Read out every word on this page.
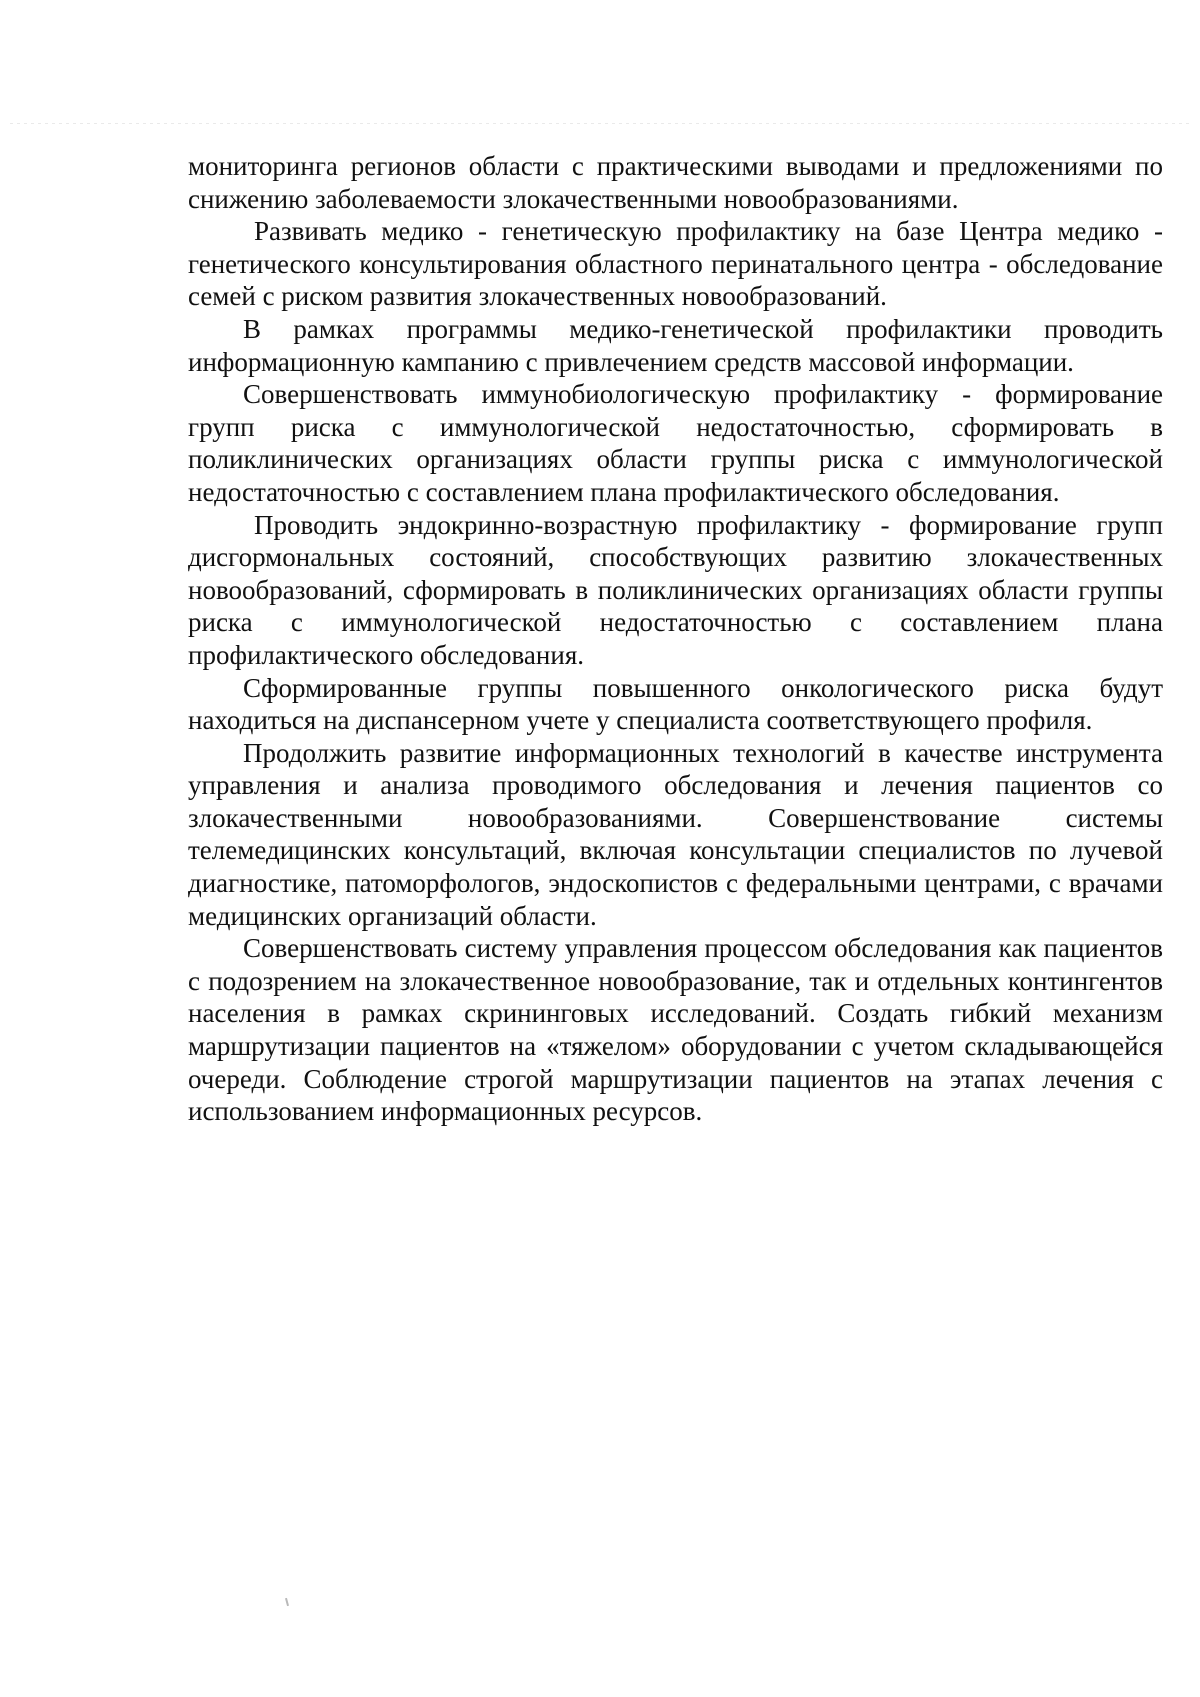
мониторинга регионов области с практическими выводами и предложениями по снижению заболеваемости злокачественными новообразованиями.

Развивать медико - генетическую профилактику на базе Центра медико - генетического консультирования областного перинатального центра - обследование семей с риском развития злокачественных новообразований.

В рамках программы медико-генетической профилактики проводить информационную кампанию с привлечением средств массовой информации.

Совершенствовать иммунобиологическую профилактику - формирование групп риска с иммунологической недостаточностью, сформировать в поликлинических организациях области группы риска с иммунологической недостаточностью с составлением плана профилактического обследования.

Проводить эндокринно-возрастную профилактику - формирование групп дисгормональных состояний, способствующих развитию злокачественных новообразований, сформировать в поликлинических организациях области группы риска с иммунологической недостаточностью с составлением плана профилактического обследования.

Сформированные группы повышенного онкологического риска будут находиться на диспансерном учете у специалиста соответствующего профиля.

Продолжить развитие информационных технологий в качестве инструмента управления и анализа проводимого обследования и лечения пациентов со злокачественными новообразованиями. Совершенствование системы телемедицинских консультаций, включая консультации специалистов по лучевой диагностике, патоморфологов, эндоскопистов с федеральными центрами, с врачами медицинских организаций области.

Совершенствовать систему управления процессом обследования как пациентов с подозрением на злокачественное новообразование, так и отдельных контингентов населения в рамках скрининговых исследований. Создать гибкий механизм маршрутизации пациентов на «тяжелом» оборудовании с учетом складывающейся очереди. Соблюдение строгой маршрутизации пациентов на этапах лечения с использованием информационных ресурсов.
